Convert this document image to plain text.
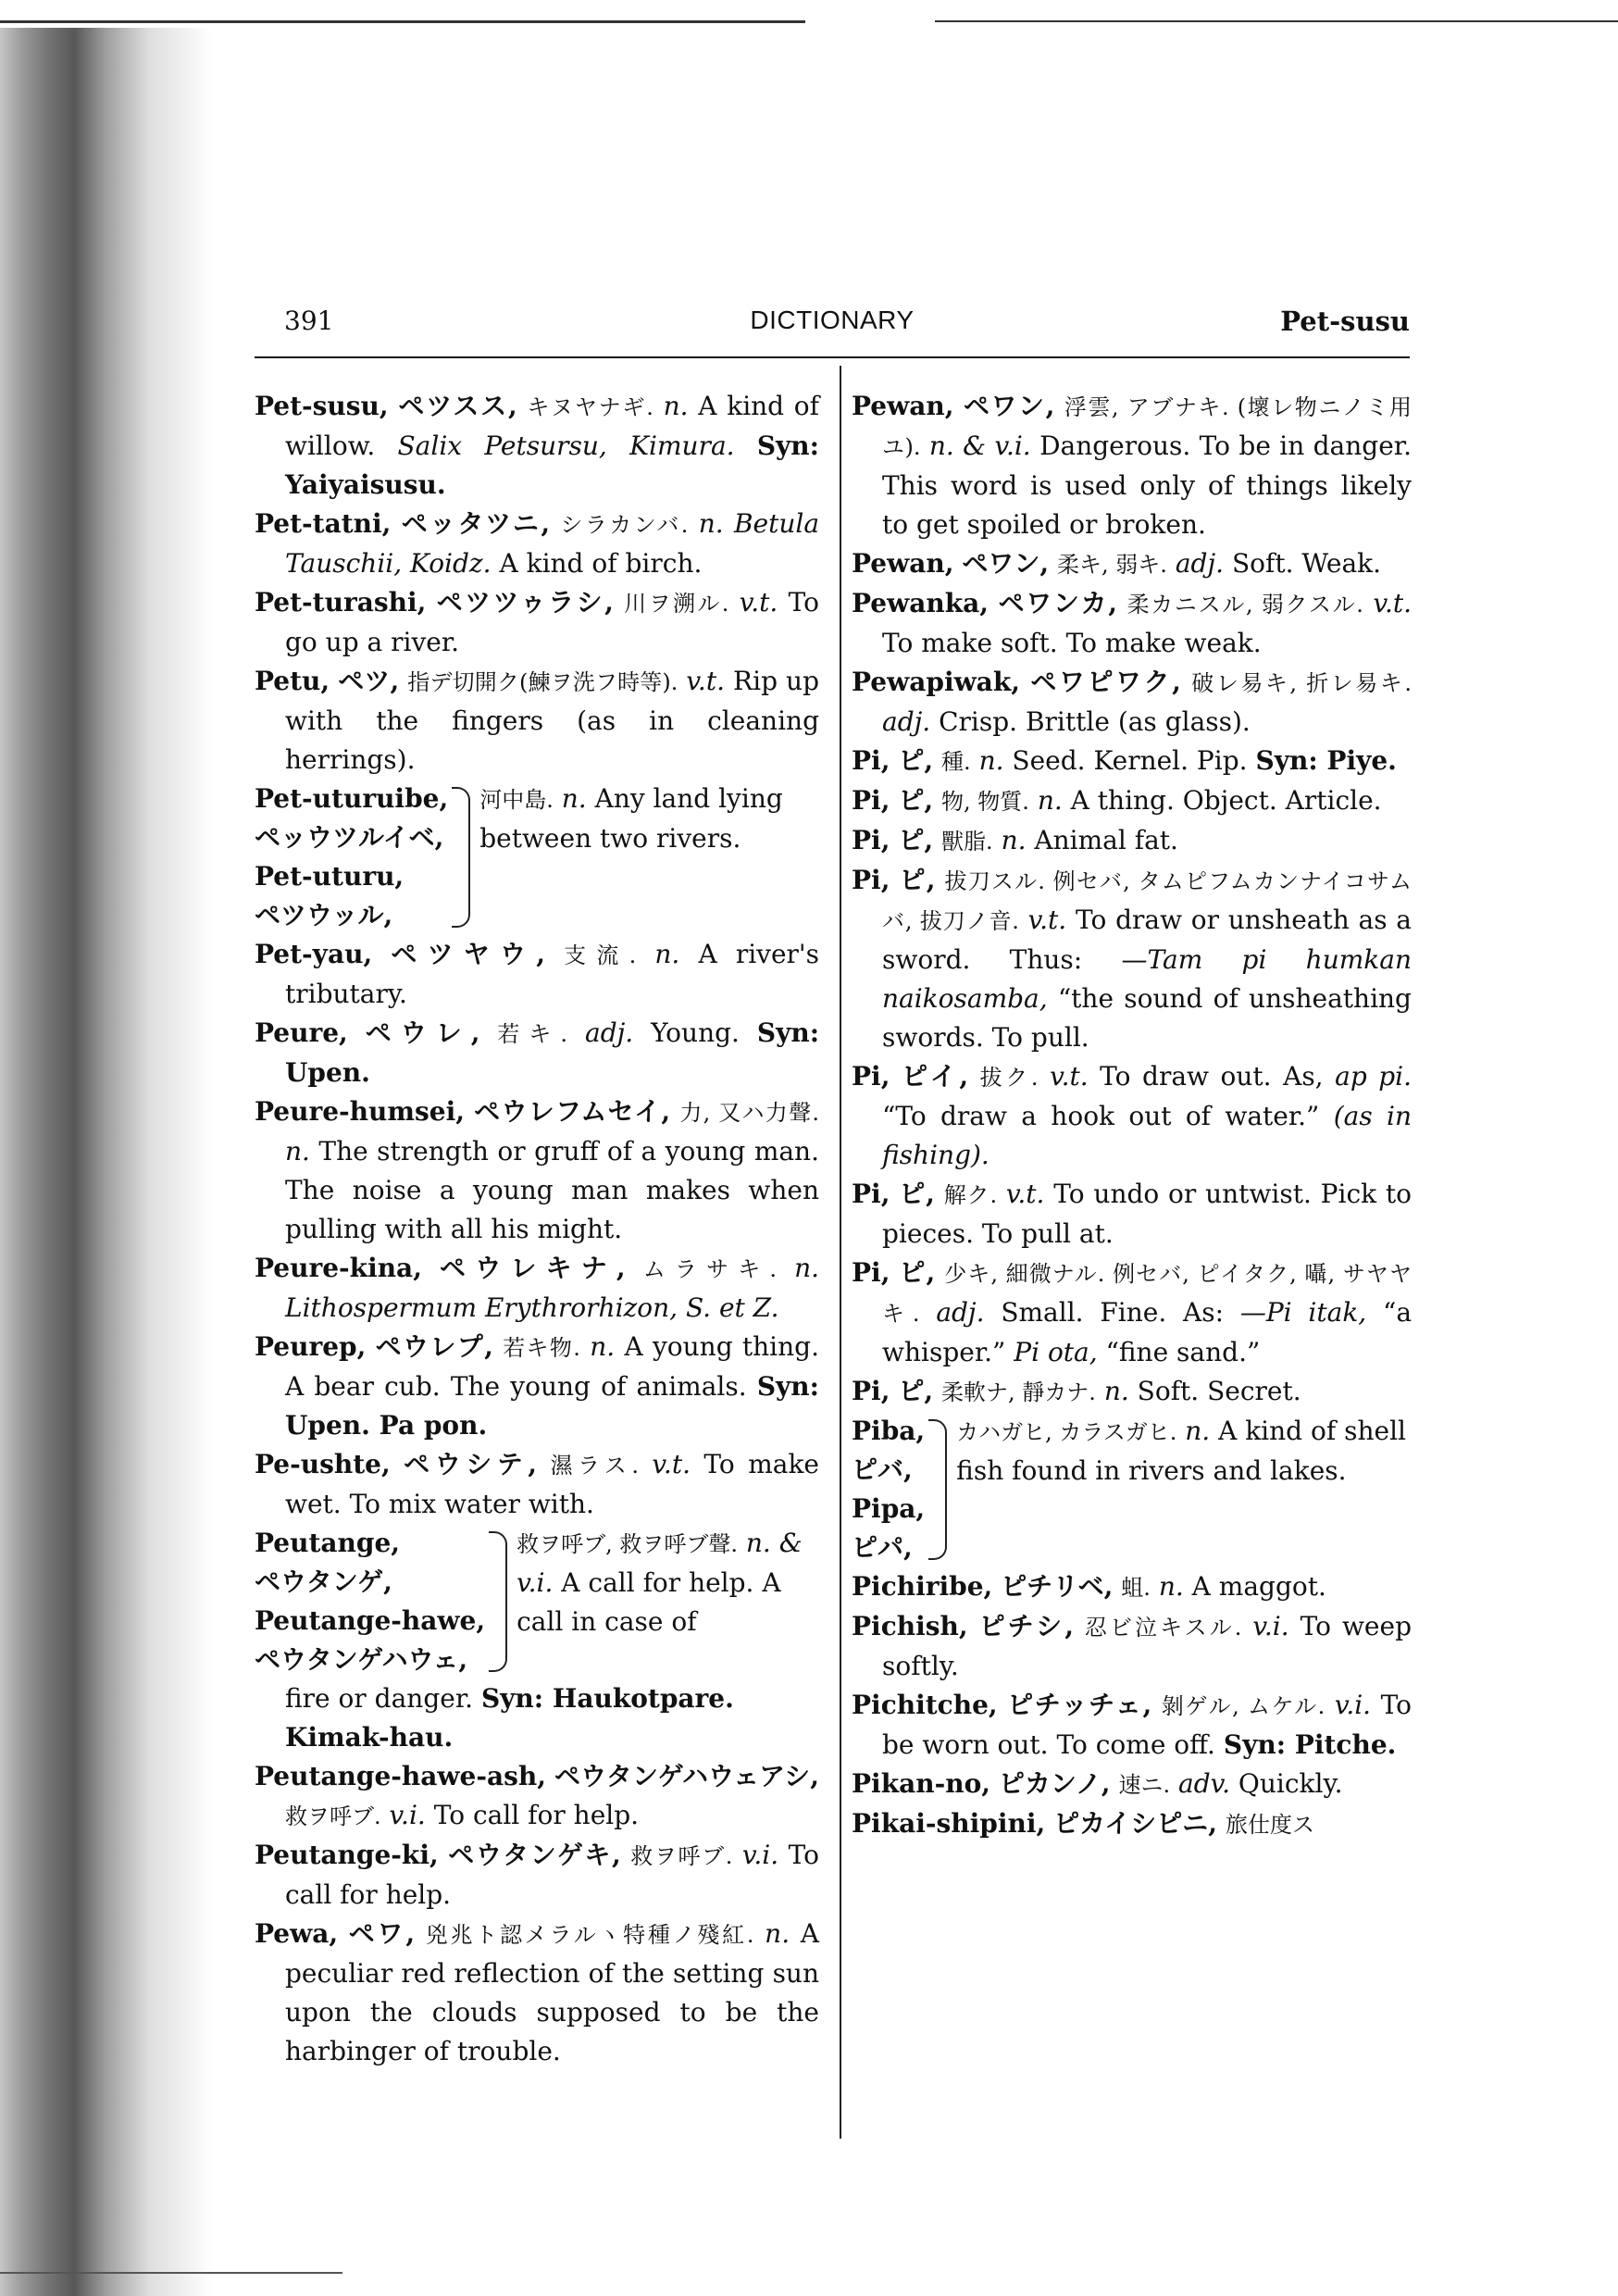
391	DICTIONARY	Pet-susu
Pet-susu, ペツスス, キヌヤナギ. n. A kind of willow. Salix Petsursu, Kimura. Syn: Yaiyaisusu.
Pet-tatni, ペッタツニ, シラカンバ. n. Betula Tauschii, Koidz. A kind of birch.
Pet-turashi, ペツツゥラシ, 川ヲ溯ル. v.t. To go up a river.
Petu, ペツ, 指デ切開ク(鰊ヲ洗フ時等). v.t. Rip up with the fingers (as in cleaning herrings).
Pet-uturuibe,
ペッウツルイベ,
Pet-uturu,
ペツウッル,
河中島. n. Any land lying between two rivers.
Pet-yau, ペツヤウ, 支流. n. A river's tributary.
Peure, ペウレ, 若キ. adj. Young. Syn: Upen.
Peure-humsei, ペウレフムセイ, 力, 又ハ力聲. n. The strength or gruff of a young man. The noise a young man makes when pulling with all his might.
Peure-kina, ペウレキナ, ムラサキ. n. Lithospermum Erythrorhizon, S. et Z.
Peurep, ペウレプ, 若キ物. n. A young thing. A bear cub. The young of animals. Syn: Upen. Pa pon.
Pe-ushte, ペウシテ, 濕ラス. v.t. To make wet. To mix water with.
Peutange,
ペウタンゲ,
Peutange-hawe,
ペウタンゲハウェ,
救ヲ呼ブ, 救ヲ呼ブ聲. n. & v.i. A call for help. A call in case of
fire or danger. Syn: Haukotpare. Kimak-hau.
Peutange-hawe-ash, ペウタンゲハウェアシ, 救ヲ呼ブ. v.i. To call for help.
Peutange-ki, ペウタンゲキ, 救ヲ呼ブ. v.i. To call for help.
Pewa, ペワ, 兇兆ト認メラルヽ特種ノ殘紅. n. A peculiar red reflection of the setting sun upon the clouds supposed to be the harbinger of trouble.
Pewan, ペワン, 浮雲, アブナキ. (壞レ物ニノミ用ユ). n. & v.i. Dangerous. To be in danger. This word is used only of things likely to get spoiled or broken.
Pewan, ペワン, 柔キ, 弱キ. adj. Soft. Weak.
Pewanka, ペワンカ, 柔カニスル, 弱クスル. v.t. To make soft. To make weak.
Pewapiwak, ペワピワク, 破レ易キ, 折レ易キ. adj. Crisp. Brittle (as glass).
Pi, ピ, 種. n. Seed. Kernel. Pip. Syn: Piye.
Pi, ピ, 物, 物質. n. A thing. Object. Article.
Pi, ピ, 獸脂. n. Animal fat.
Pi, ピ, 拔刀スル. 例セバ, タムピフムカンナイコサムバ, 拔刀ノ音. v.t. To draw or unsheath as a sword. Thus: —Tam pi humkan naikosamba, “the sound of unsheathing swords. To pull.
Pi, ピイ, 拔ク. v.t. To draw out. As, ap pi. “To draw a hook out of water.” (as in fishing).
Pi, ピ, 解ク. v.t. To undo or untwist. Pick to pieces. To pull at.
Pi, ピ, 少キ, 細微ナル. 例セバ, ピイタク, 囁, サヤヤキ. adj. Small. Fine. As: —Pi itak, “a whisper.” Pi ota, “fine sand.”
Pi, ピ, 柔軟ナ, 靜カナ. n. Soft. Secret.
Piba,
ピバ,
Pipa,
ピパ,
カハガヒ, カラスガヒ. n. A kind of shell fish found in rivers and lakes.
Pichiribe, ピチリベ, 蛆. n. A maggot.
Pichish, ピチシ, 忍ビ泣キスル. v.i. To weep softly.
Pichitche, ピチッチェ, 剝ゲル, ムケル. v.i. To be worn out. To come off. Syn: Pitche.
Pikan-no, ピカンノ, 速ニ. adv. Quickly.
Pikai-shipini, ピカイシピニ, 旅仕度ス
